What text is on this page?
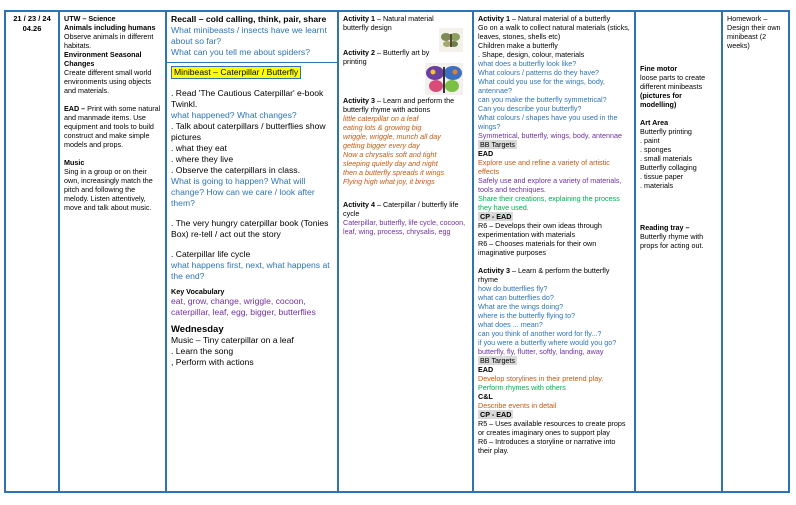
21 / 23 / 24
04.26
UTW – Science
Animals including humans
Observe animals in different habitats.
Environment Seasonal Changes
Create different small world environments using objects and materials.
EAD – Print with some natural and manmade items. Use equipment and tools to build construct and make simple models and props.
Music
Sing in a group or on their own, increasingly match the pitch and following the melody. Listen attentively, move and talk about music.
Recall – cold calling, think, pair, share
What minibeasts / insects have we learnt about so far?
What can you tell me about spiders?
Minibeast – Caterpillar / Butterfly
. Read 'The Cautious Caterpillar' e-book Twinkl.
what happened? What changes?
. Talk about caterpillars / butterflies show pictures
. what they eat
. where they live
. Observe the caterpillars in class.
What is going to happen? What will change? How can we care / look after them?
. The very hungry caterpillar book (Tonies Box) re-tell / act out the story
. Caterpillar life cycle
what happens first, next, what happens at the end?
Key Vocabulary
eat, grow, change, wriggle, cocoon, caterpillar, leaf, egg, bigger, butterflies
Wednesday
Music – Tiny caterpillar on a leaf
. Learn the song
, Perform with actions
Activity 1 – Natural material butterfly design
Activity 2 – Butterfly art by printing
Activity 3 – Learn and perform the butterfly rhyme with actions
little caterpillar on a leaf
eating lots & growing big
wriggle, wriggle, munch all day
getting bigger every day
Now a chrysalis soft and tight
sleeping quietly day and night
then a butterfly spreads it wings
Flying high what joy, it brings
Activity 4 – Caterpillar / butterfly life cycle
Caterpillar, butterfly, life cycle, cocoon, leaf, wing, process, chrysalis, egg
Activity 1 – Natural material of a butterfly
Go on a walk to collect natural materials (sticks, leaves, stones, shells etc)
Children make a butterfly
. Shape, design, colour, materials
what does a butterfly look like?
What colours / patterns do they have?
What could you use for the wings, body, antennae?
can you make the butterfly symmetrical?
Can you describe your butterfly?
What colours / shapes have you used in the wings?
Symmetrical, butterfly, wings, body, antennae
BB Targets
EAD
Explore use and refine a variety of artistic effects
Safely use and explore a variety of materials, tools and techniques.
Share their creations, explaining the process they have used.
CP - EAD
R6 – Develops their own ideas through experimentation with materials
R6 – Chooses materials for their own imaginative purposes
Activity 3 – Learn & perform the butterfly rhyme
how do butterflies fly?
what can butterflies do?
What are the wings doing?
where is the butterfly flying to?
what does ... mean?
can you think of another word for fly...?
if you were a butterfly where would you go?
butterfly, fly, flutter, softly, landing, away
BB Targets
EAD
Develop storylines in their pretend play.
Perform rhymes with others
C&L
Describe events in detail
CP - EAD
R5 – Uses available resources to create props or creates imaginary ones to support play
R6 – Introduces a storyline or narrative into their play.
Fine motor
loose parts to create different minibeasts
(pictures for modelling)
Art Area
Butterfly printing
. paint
. sponges
. small materials
Butterfly collaging
. tissue paper
. materials
Reading tray –
Butterfly rhyme with props for acting out.
Homework – Design their own minibeast (2 weeks)
